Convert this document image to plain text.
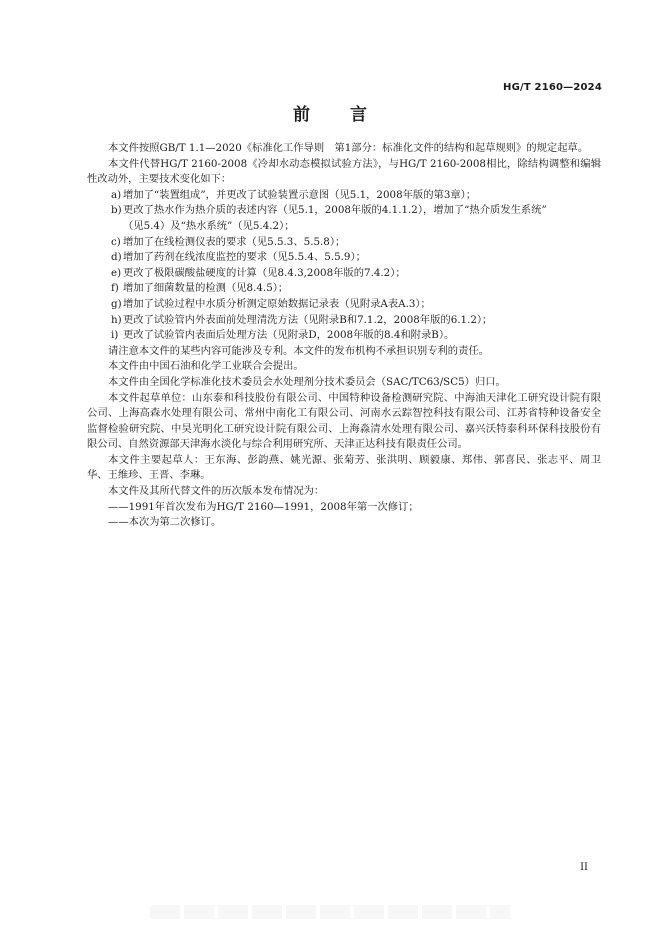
HG/T 2160—2024
前 言

本文件按照GB/T 1.1—2020《标准化工作导则　第1部分：标准化文件的结构和起草规则》的规定起草。

本文件代替HG/T 2160-2008《冷却水动态模拟试验方法》，与HG/T 2160-2008相比，除结构调整和编辑性改动外，主要技术变化如下：

a) 增加了“装置组成”，并更改了试验装置示意图（见5.1，2008年版的第3章）；

b)更改了热水作为热介质的表述内容（见5.1，2008年版的4.1.1.2），增加了“热介质发生系统”

（见5.4）及“热水系统”（见5.4.2）；

c) 增加了在线检测仪表的要求（见5.5.3、5.5.8）；

d)增加了药剂在线浓度监控的要求（见5.5.4、5.5.9）；

e) 更改了极限碳酸盐硬度的计算（见8.4.3,2008年版的7.4.2）；

f) 增加了细菌数量的检测（见8.4.5）；

g)增加了试验过程中水质分析测定原始数据记录表（见附录A表A.3）；

h)更改了试验管内外表面前处理清洗方法（见附录B和7.1.2，2008年版的6.1.2）；

i) 更改了试验管内表面后处理方法（见附录D，2008年版的8.4和附录B）。

请注意本文件的某些内容可能涉及专利。本文件的发布机构不承担识别专利的责任。

本文件由中国石油和化学工业联合会提出。

本文件由全国化学标准化技术委员会水处理剂分技术委员会（SAC/TC63/SC5）归口。

本文件起草单位：山东泰和科技股份有限公司、中国特种设备检测研究院、中海油天津化工研究设计院有限公司、上海高森水处理有限公司、常州中南化工有限公司、河南水云踪智控科技有限公司、江苏省特种设备安全监督检验研究院、中昊光明化工研究设计院有限公司、上海淼清水处理有限公司、嘉兴沃特泰科环保科技股份有限公司、自然资源部天津海水淡化与综合利用研究所、天津正达科技有限责任公司。

本文件主要起草人：王东海、彭韵燕、姚光源、张菊芳、张洪明、顾毅康、郑伟、郭喜民、张志平、周卫华、王维珍、王晋、李琳。

本文件及其所代替文件的历次版本发布情况为：

——1991年首次发布为HG/T 2160—1991，2008年第一次修订；

——本次为第二次修订。

II
